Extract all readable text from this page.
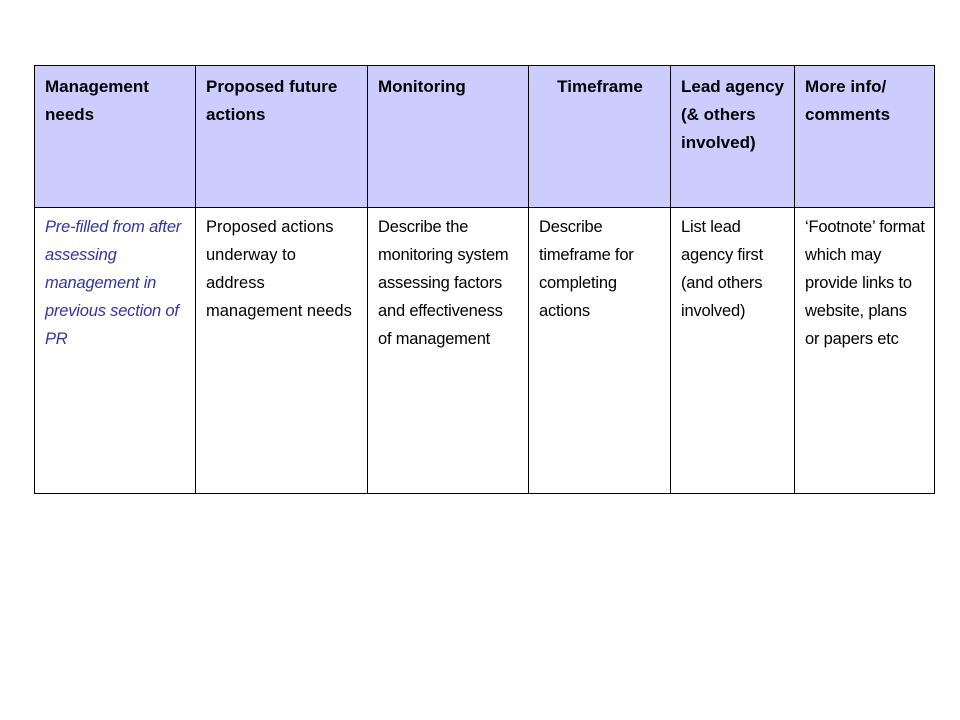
Management needs	Proposed future actions	Monitoring	Timeframe	Lead agency (& others involved)	More info/ comments
Pre-filled from after assessing management in previous section of PR	Proposed actions underway to address management needs	Describe the monitoring system assessing factors and effectiveness of management	Describe timeframe for completing actions	List lead agency first (and others involved)	‘Footnote’ format which may provide links to website, plans or papers etc
